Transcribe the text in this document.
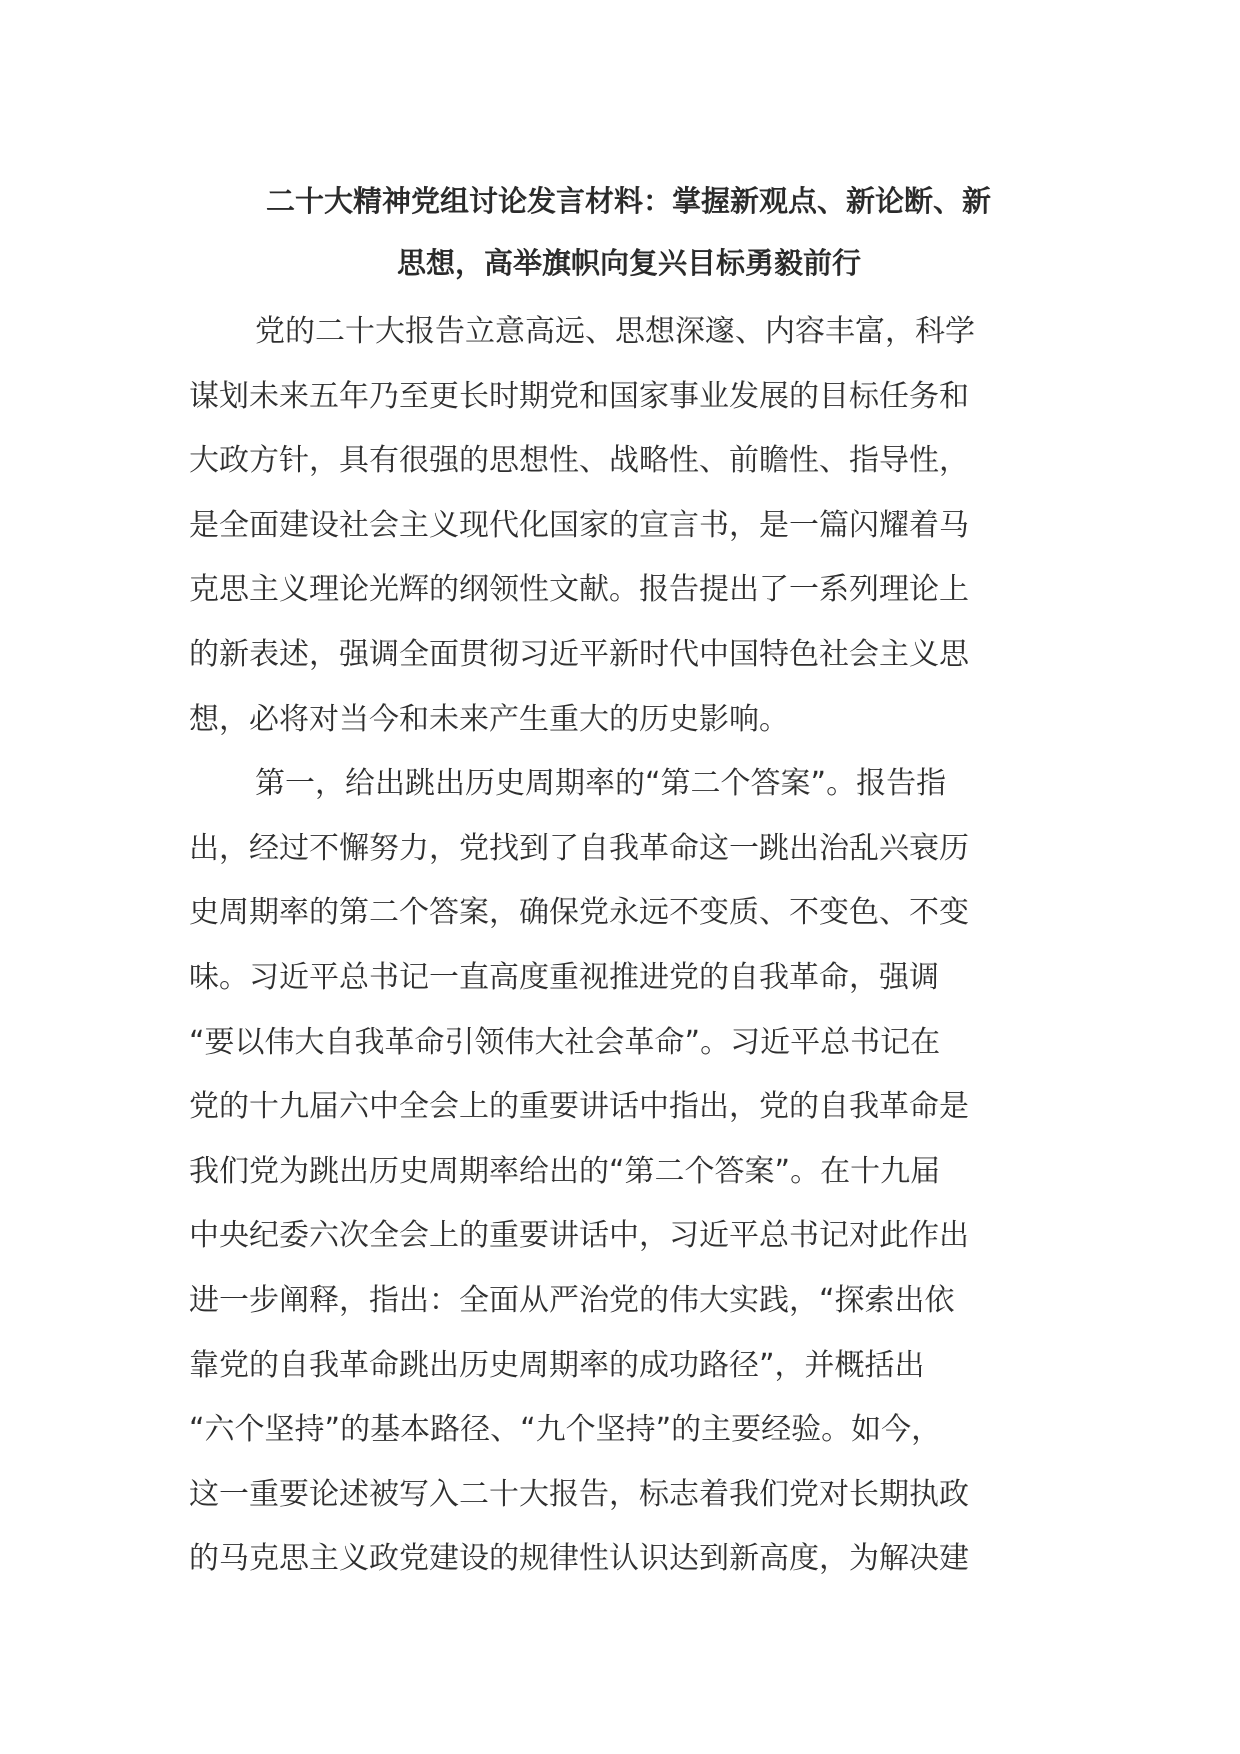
二十大精神党组讨论发言材料：掌握新观点、新论断、新
思想，高举旗帜向复兴目标勇毅前行
党的二十大报告立意高远、思想深邃、内容丰富，科学
谋划未来五年乃至更长时期党和国家事业发展的目标任务和
大政方针，具有很强的思想性、战略性、前瞻性、指导性，
是全面建设社会主义现代化国家的宣言书，是一篇闪耀着马
克思主义理论光辉的纲领性文献。报告提出了一系列理论上
的新表述，强调全面贯彻习近平新时代中国特色社会主义思
想，必将对当今和未来产生重大的历史影响。
第一，给出跳出历史周期率的“第二个答案”。报告指
出，经过不懈努力，党找到了自我革命这一跳出治乱兴衰历
史周期率的第二个答案，确保党永远不变质、不变色、不变
味。习近平总书记一直高度重视推进党的自我革命，强调
“要以伟大自我革命引领伟大社会革命”。习近平总书记在
党的十九届六中全会上的重要讲话中指出，党的自我革命是
我们党为跳出历史周期率给出的“第二个答案”。在十九届
中央纪委六次全会上的重要讲话中，习近平总书记对此作出
进一步阐释，指出：全面从严治党的伟大实践，“探索出依
靠党的自我革命跳出历史周期率的成功路径”，并概括出
“六个坚持”的基本路径、“九个坚持”的主要经验。如今，
这一重要论述被写入二十大报告，标志着我们党对长期执政
的马克思主义政党建设的规律性认识达到新高度，为解决建
